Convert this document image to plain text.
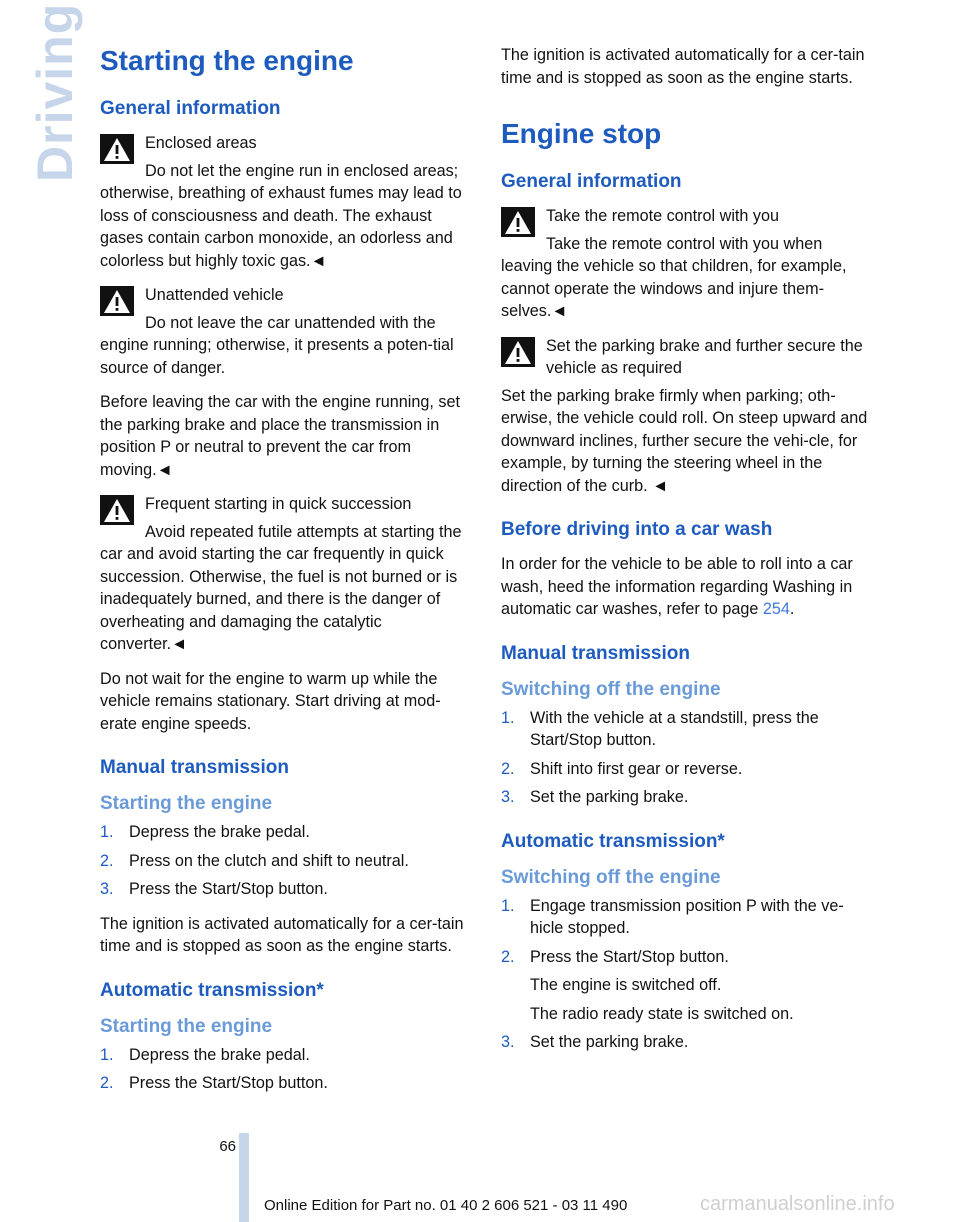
Driving Starting the engine
General information
Enclosed areas
Do not let the engine run in enclosed areas; otherwise, breathing of exhaust fumes may lead to loss of consciousness and death. The exhaust gases contain carbon monoxide, an odorless and colorless but highly toxic gas.◄
Unattended vehicle
Do not leave the car unattended with the engine running; otherwise, it presents a poten-tial source of danger.

Before leaving the car with the engine running, set the parking brake and place the transmission in position P or neutral to prevent the car from moving.◄

Frequent starting in quick succession
Avoid repeated futile attempts at starting the car and avoid starting the car frequently in quick succession. Otherwise, the fuel is not burned or is inadequately burned, and there is the danger of overheating and damaging the catalytic converter.◄

Do not wait for the engine to warm up while the vehicle remains stationary. Start driving at mod-erate engine speeds.

Manual transmission
Starting the engine
1. Depress the brake pedal.
2. Press on the clutch and shift to neutral.
3. Press the Start/Stop button.

The ignition is activated automatically for a cer-tain time and is stopped as soon as the engine starts.

Automatic transmission*
Starting the engine
1. Depress the brake pedal.
2. Press the Start/Stop button.

The ignition is activated automatically for a cer-tain time and is stopped as soon as the engine starts.

Engine stop
General information
Take the remote control with you
Take the remote control with you when leaving the vehicle so that children, for example, cannot operate the windows and injure them-selves.◄
Set the parking brake and further secure the vehicle as required
Set the parking brake firmly when parking; oth-erwise, the vehicle could roll. On steep upward and downward inclines, further secure the vehi-cle, for example, by turning the steering wheel in the direction of the curb. ◄
Before driving into a car wash

In order for the vehicle to be able to roll into a car wash, heed the information regarding Washing in automatic car washes, refer to page 254.

Manual transmission
Switching off the engine
1. With the vehicle at a standstill, press the Start/Stop button.
2. Shift into first gear or reverse.
3. Set the parking brake.
Automatic transmission*
Switching off the engine
1. Engage transmission position P with the ve-hicle stopped.
2. Press the Start/Stop button.
The engine is switched off.
The radio ready state is switched on.
3. Set the parking brake.
66
Online Edition for Part no. 01 40 2 606 521 - 03 11 490	carmanualsonline.info
